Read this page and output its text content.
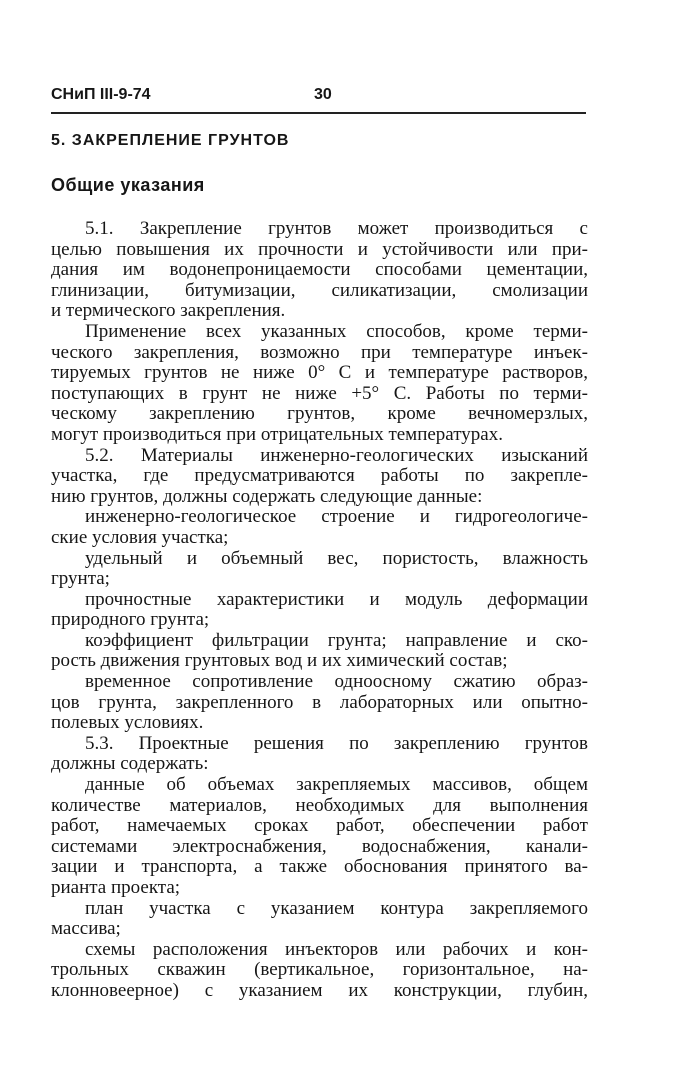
СНиП III-9-74	30
5. ЗАКРЕПЛЕНИЕ ГРУНТОВ
Общие указания
5.1. Закрепление грунтов может производиться с
целью повышения их прочности и устойчивости или при-
дания им водонепроницаемости способами цементации,
глинизации, битумизации, силикатизации, смолизации
и термического закрепления.
Применение всех указанных способов, кроме терми-
ческого закрепления, возможно при температуре инъек-
тируемых грунтов не ниже 0° С и температуре растворов,
поступающих в грунт не ниже +5° С. Работы по терми-
ческому закреплению грунтов, кроме вечномерзлых,
могут производиться при отрицательных температурах.
5.2. Материалы инженерно-геологических изысканий
участка, где предусматриваются работы по закрепле-
нию грунтов, должны содержать следующие данные:
инженерно-геологическое строение и гидрогеологиче-
ские условия участка;
удельный и объемный вес, пористость, влажность
грунта;
прочностные характеристики и модуль деформации
природного грунта;
коэффициент фильтрации грунта; направление и ско-
рость движения грунтовых вод и их химический состав;
временное сопротивление одноосному сжатию образ-
цов грунта, закрепленного в лабораторных или опытно-
полевых условиях.
5.3. Проектные решения по закреплению грунтов
должны содержать:
данные об объемах закрепляемых массивов, общем
количестве материалов, необходимых для выполнения
работ, намечаемых сроках работ, обеспечении работ
системами электроснабжения, водоснабжения, канали-
зации и транспорта, а также обоснования принятого ва-
рианта проекта;
план участка с указанием контура закрепляемого
массива;
схемы расположения инъекторов или рабочих и кон-
трольных скважин (вертикальное, горизонтальное, на-
клонновеерное) с указанием их конструкции, глубин,
